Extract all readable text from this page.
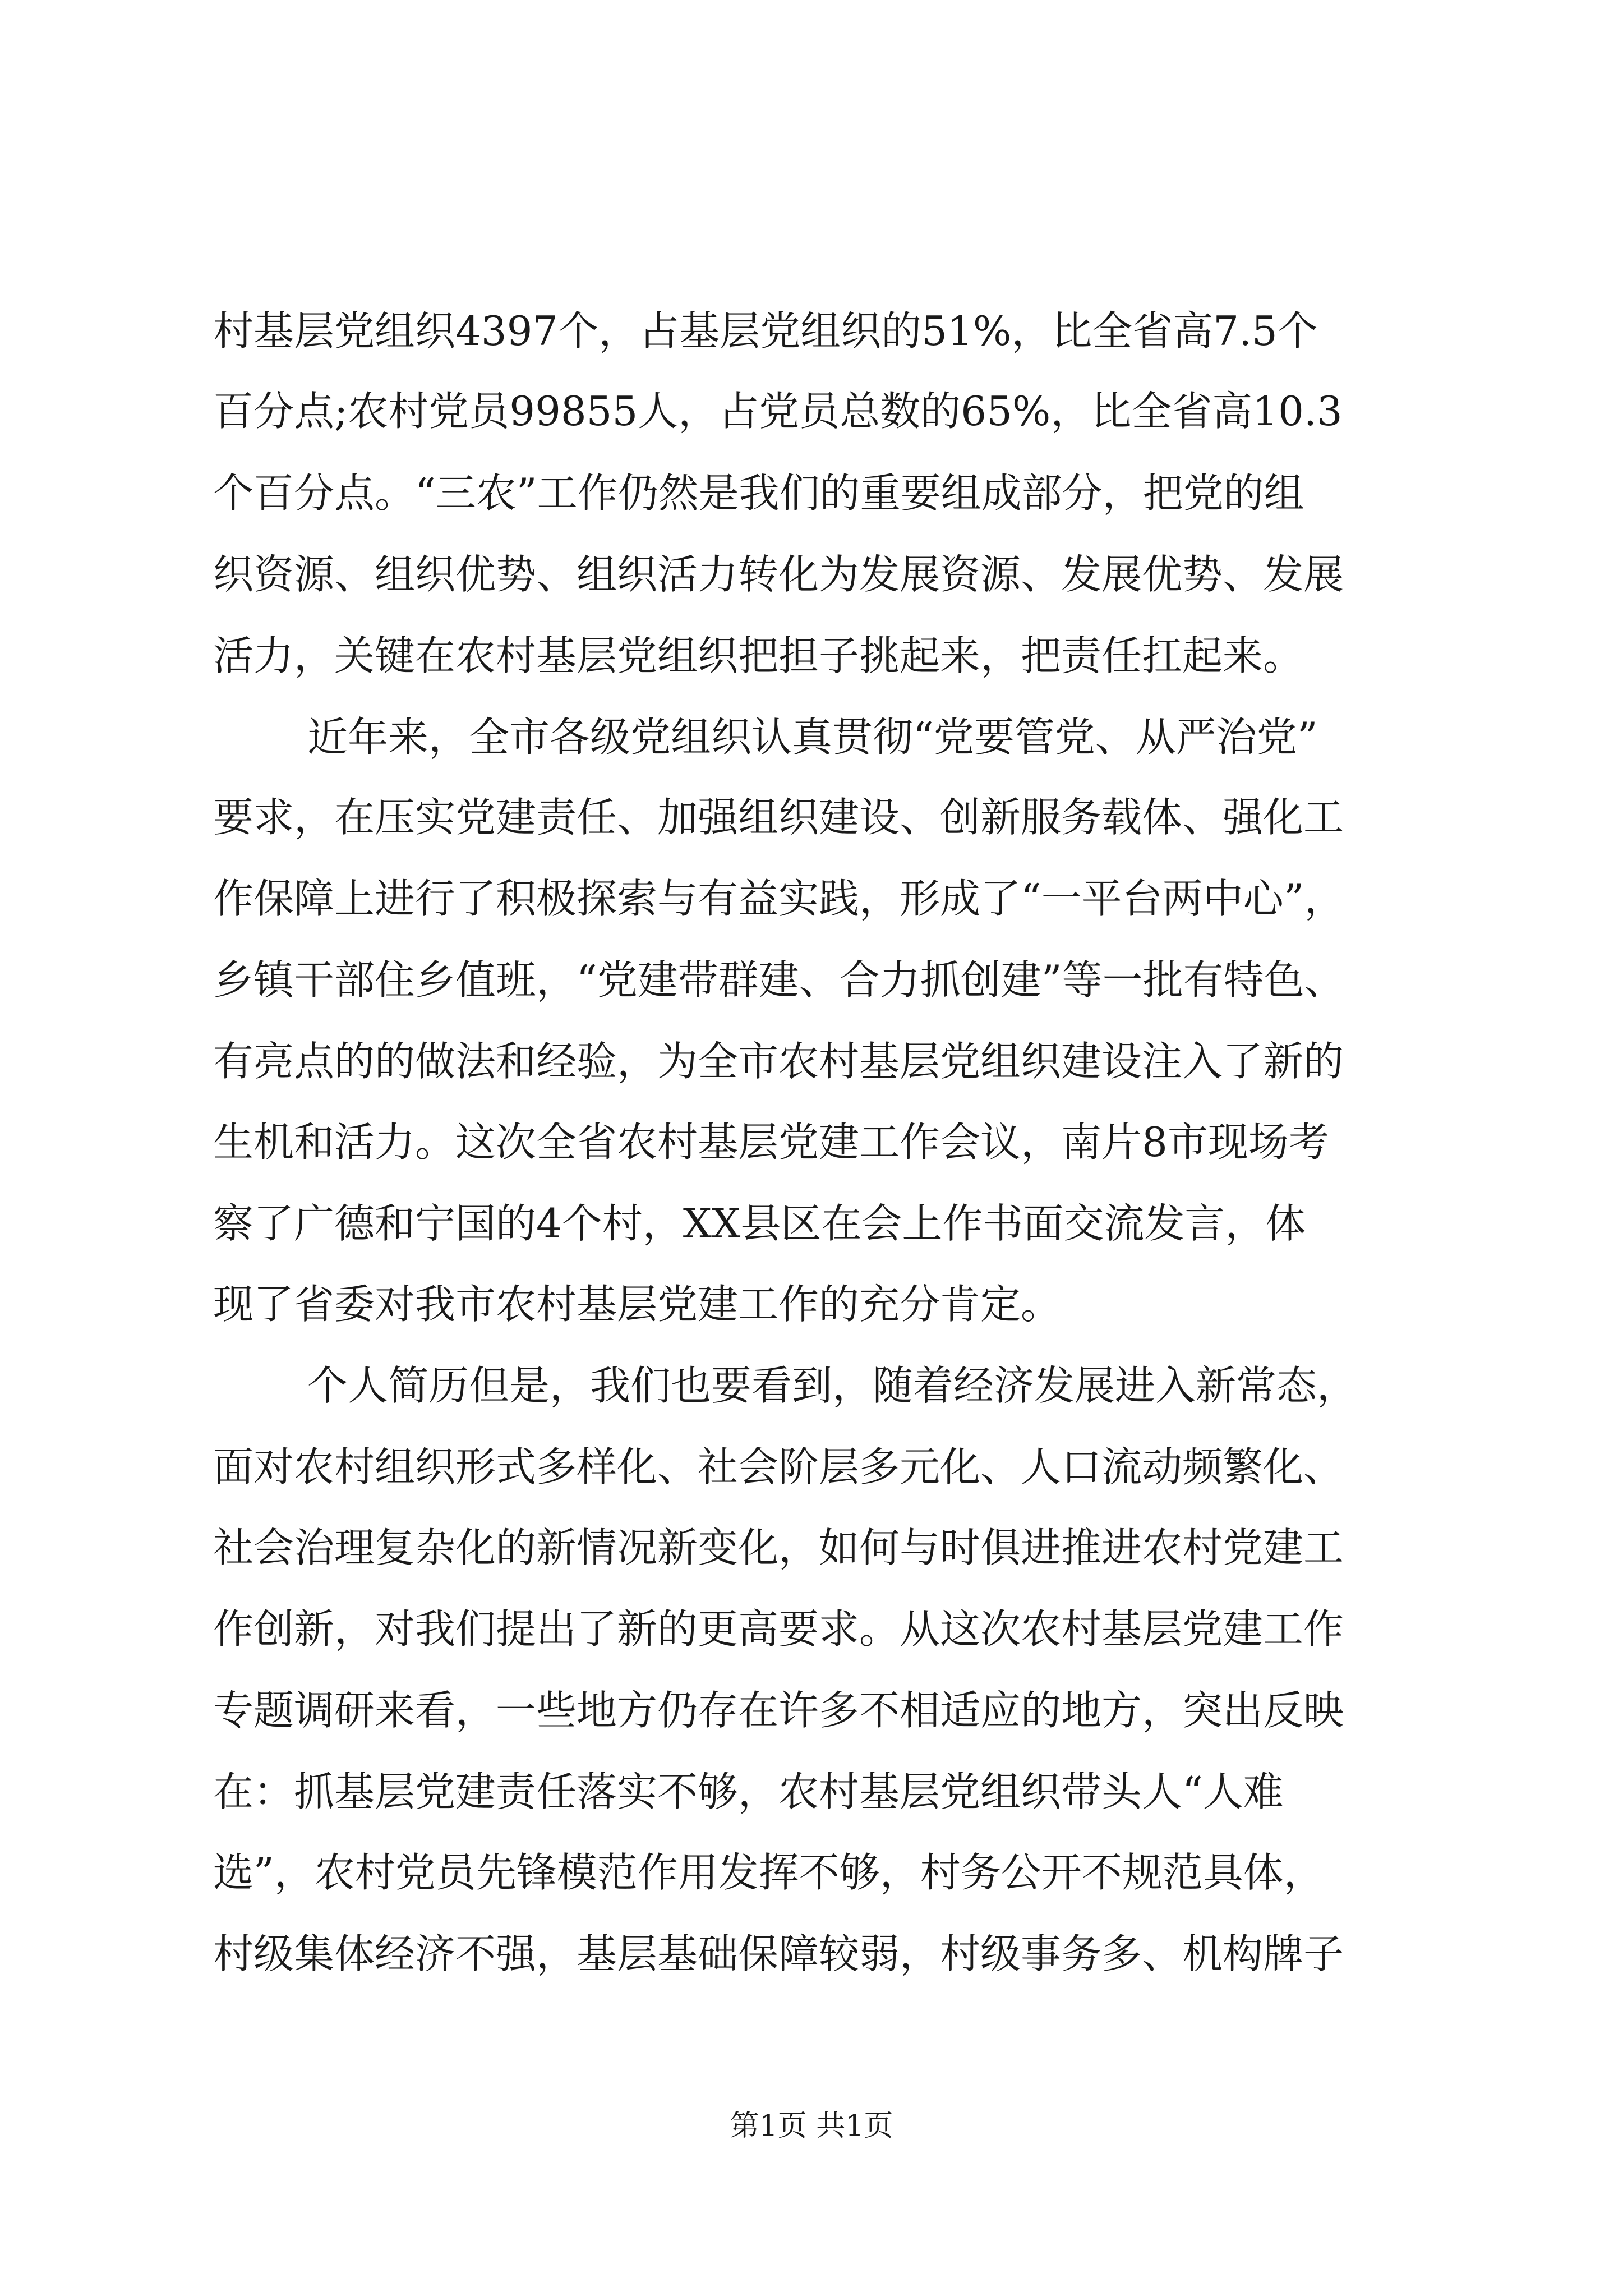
村基层党组织4397个，占基层党组织的51%，比全省高7.5个
百分点;农村党员99855人，占党员总数的65%，比全省高10.3
个百分点。“三农”工作仍然是我们的重要组成部分，把党的组
织资源、组织优势、组织活力转化为发展资源、发展优势、发展
活力，关键在农村基层党组织把担子挑起来，把责任扛起来。
近年来，全市各级党组织认真贯彻“党要管党、从严治党”
要求，在压实党建责任、加强组织建设、创新服务载体、强化工
作保障上进行了积极探索与有益实践，形成了“一平台两中心”，
乡镇干部住乡值班，“党建带群建、合力抓创建”等一批有特色、
有亮点的的做法和经验，为全市农村基层党组织建设注入了新的
生机和活力。这次全省农村基层党建工作会议，南片8市现场考
察了广德和宁国的4个村，XX县区在会上作书面交流发言，体
现了省委对我市农村基层党建工作的充分肯定。
个人简历但是，我们也要看到，随着经济发展进入新常态，
面对农村组织形式多样化、社会阶层多元化、人口流动频繁化、
社会治理复杂化的新情况新变化，如何与时俱进推进农村党建工
作创新，对我们提出了新的更高要求。从这次农村基层党建工作
专题调研来看，一些地方仍存在许多不相适应的地方，突出反映
在：抓基层党建责任落实不够，农村基层党组织带头人“人难
选”，农村党员先锋模范作用发挥不够，村务公开不规范具体，
村级集体经济不强，基层基础保障较弱，村级事务多、机构牌子
第1页 共1页
